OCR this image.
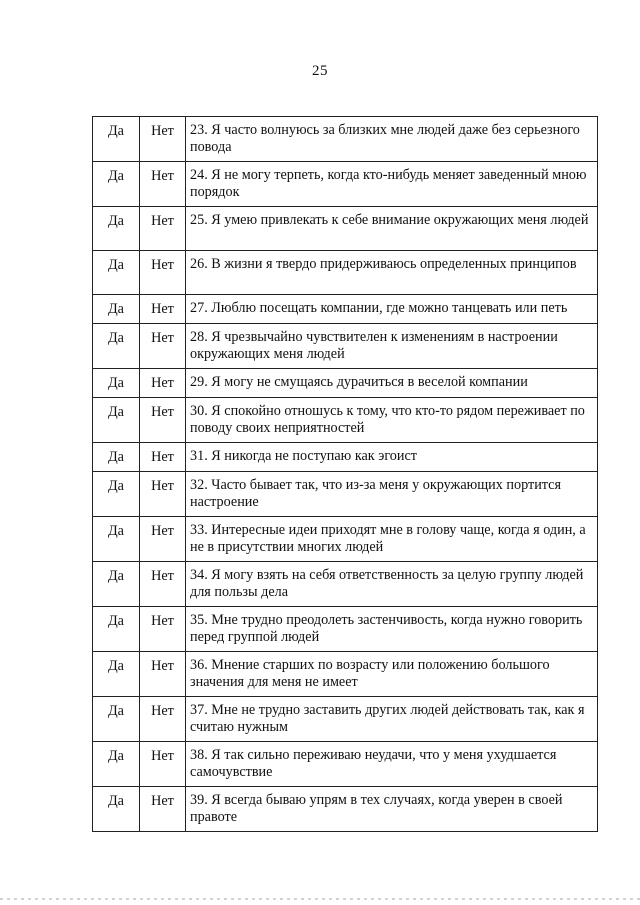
25
Да	Нет	23. Я часто волнуюсь за близких мне людей даже без серьезного повода
Да	Нет	24. Я не могу терпеть, когда кто-нибудь меняет заведенный мною порядок
Да	Нет	25. Я умею привлекать к себе внимание окружающих меня людей
Да	Нет	26. В жизни я твердо придерживаюсь определенных принципов
Да	Нет	27. Люблю посещать компании, где можно танцевать или петь
Да	Нет	28. Я чрезвычайно чувствителен к изменениям в настроении окружающих меня людей
Да	Нет	29. Я могу не смущаясь дурачиться в веселой компании
Да	Нет	30. Я спокойно отношусь к тому, что кто-то рядом переживает по поводу своих неприятностей
Да	Нет	31. Я никогда не поступаю как эгоист
Да	Нет	32. Часто бывает так, что из-за меня у окружающих портится настроение
Да	Нет	33. Интересные идеи приходят мне в голову чаще, когда я один, а не в присутствии многих людей
Да	Нет	34. Я могу взять на себя ответственность за целую группу людей для пользы дела
Да	Нет	35. Мне трудно преодолеть застенчивость, когда нужно говорить перед группой людей
Да	Нет	36. Мнение старших по возрасту или положению большого значения для меня не имеет
Да	Нет	37. Мне не трудно заставить других людей действовать так, как я считаю нужным
Да	Нет	38. Я так сильно переживаю неудачи, что у меня ухудшается самочувствие
Да	Нет	39. Я всегда бываю упрям в тех случаях, когда уверен в своей правоте
